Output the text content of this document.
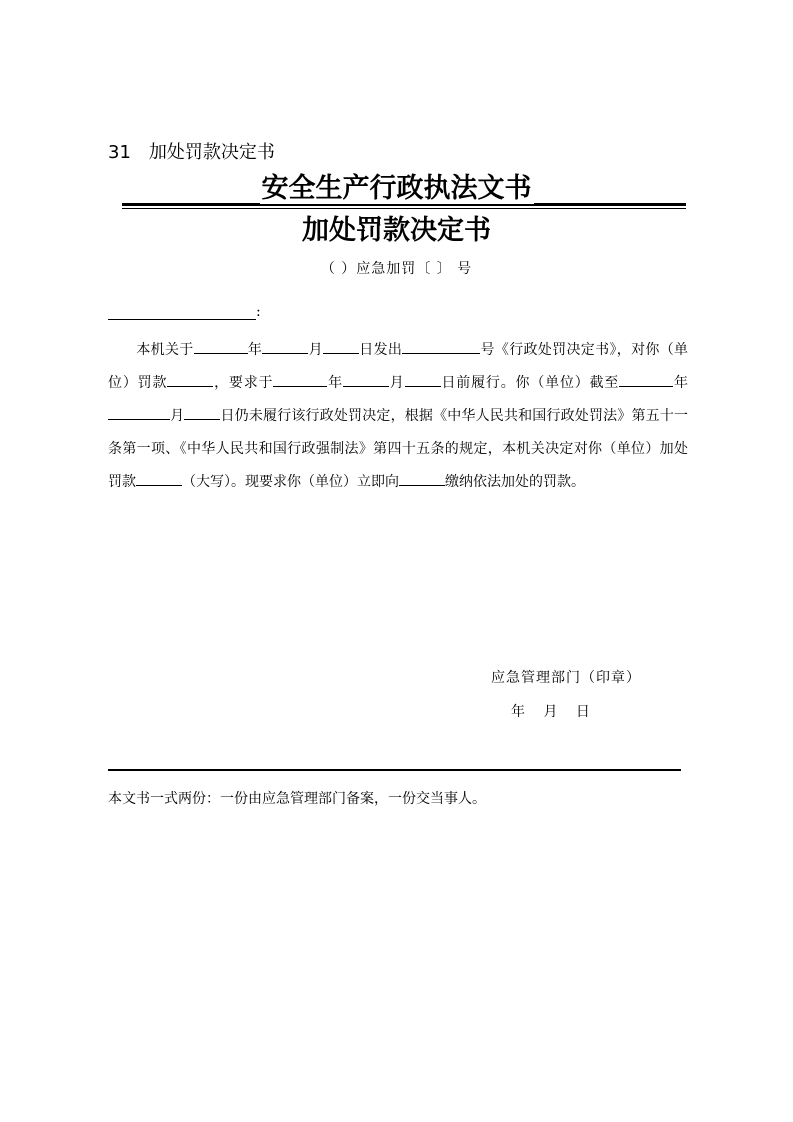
31 加处罚款决定书
安全生产行政执法文书
加处罚款决定书
（ ）应急加罚〔 〕 号
:
本机关于	年	月	日发出	号《行政处罚决定书》，对你（单位）罚款	，要求于	年	月	日前履行。你（单位）截至	年月	日仍未履行该行政处罚决定，根据《中华人民共和国行政处罚法》第五十一条第一项、《中华人民共和国行政强制法》第四十五条的规定，本机关决定对你（单位）加处罚款	（大写）。现要求你（单位）立即向	缴纳依法加处的罚款。
应急管理部门（印章）
年 月 日
本文书一式两份：一份由应急管理部门备案，一份交当事人。
